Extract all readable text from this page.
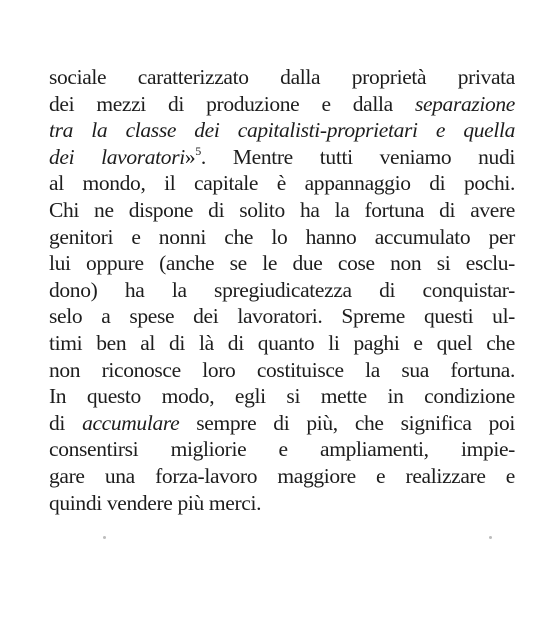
sociale caratterizzato dalla proprietà privata
dei mezzi di produzione e dalla separazione
tra la classe dei capitalisti-proprietari e quella
dei lavoratori»$^5$. Mentre tutti veniamo nudi
al mondo, il capitale è appannaggio di pochi.
Chi ne dispone di solito ha la fortuna di avere
genitori e nonni che lo hanno accumulato per
lui oppure (anche se le due cose non si esclu-
dono) ha la spregiudicatezza di conquistar-
selo a spese dei lavoratori. Spreme questi ul-
timi ben al di là di quanto li paghi e quel che
non riconosce loro costituisce la sua fortuna.
In questo modo, egli si mette in condizione
di accumulare sempre di più, che significa poi
consentirsi migliorie e ampliamenti, impie-
gare una forza-lavoro maggiore e realizzare e
quindi vendere più merci.
